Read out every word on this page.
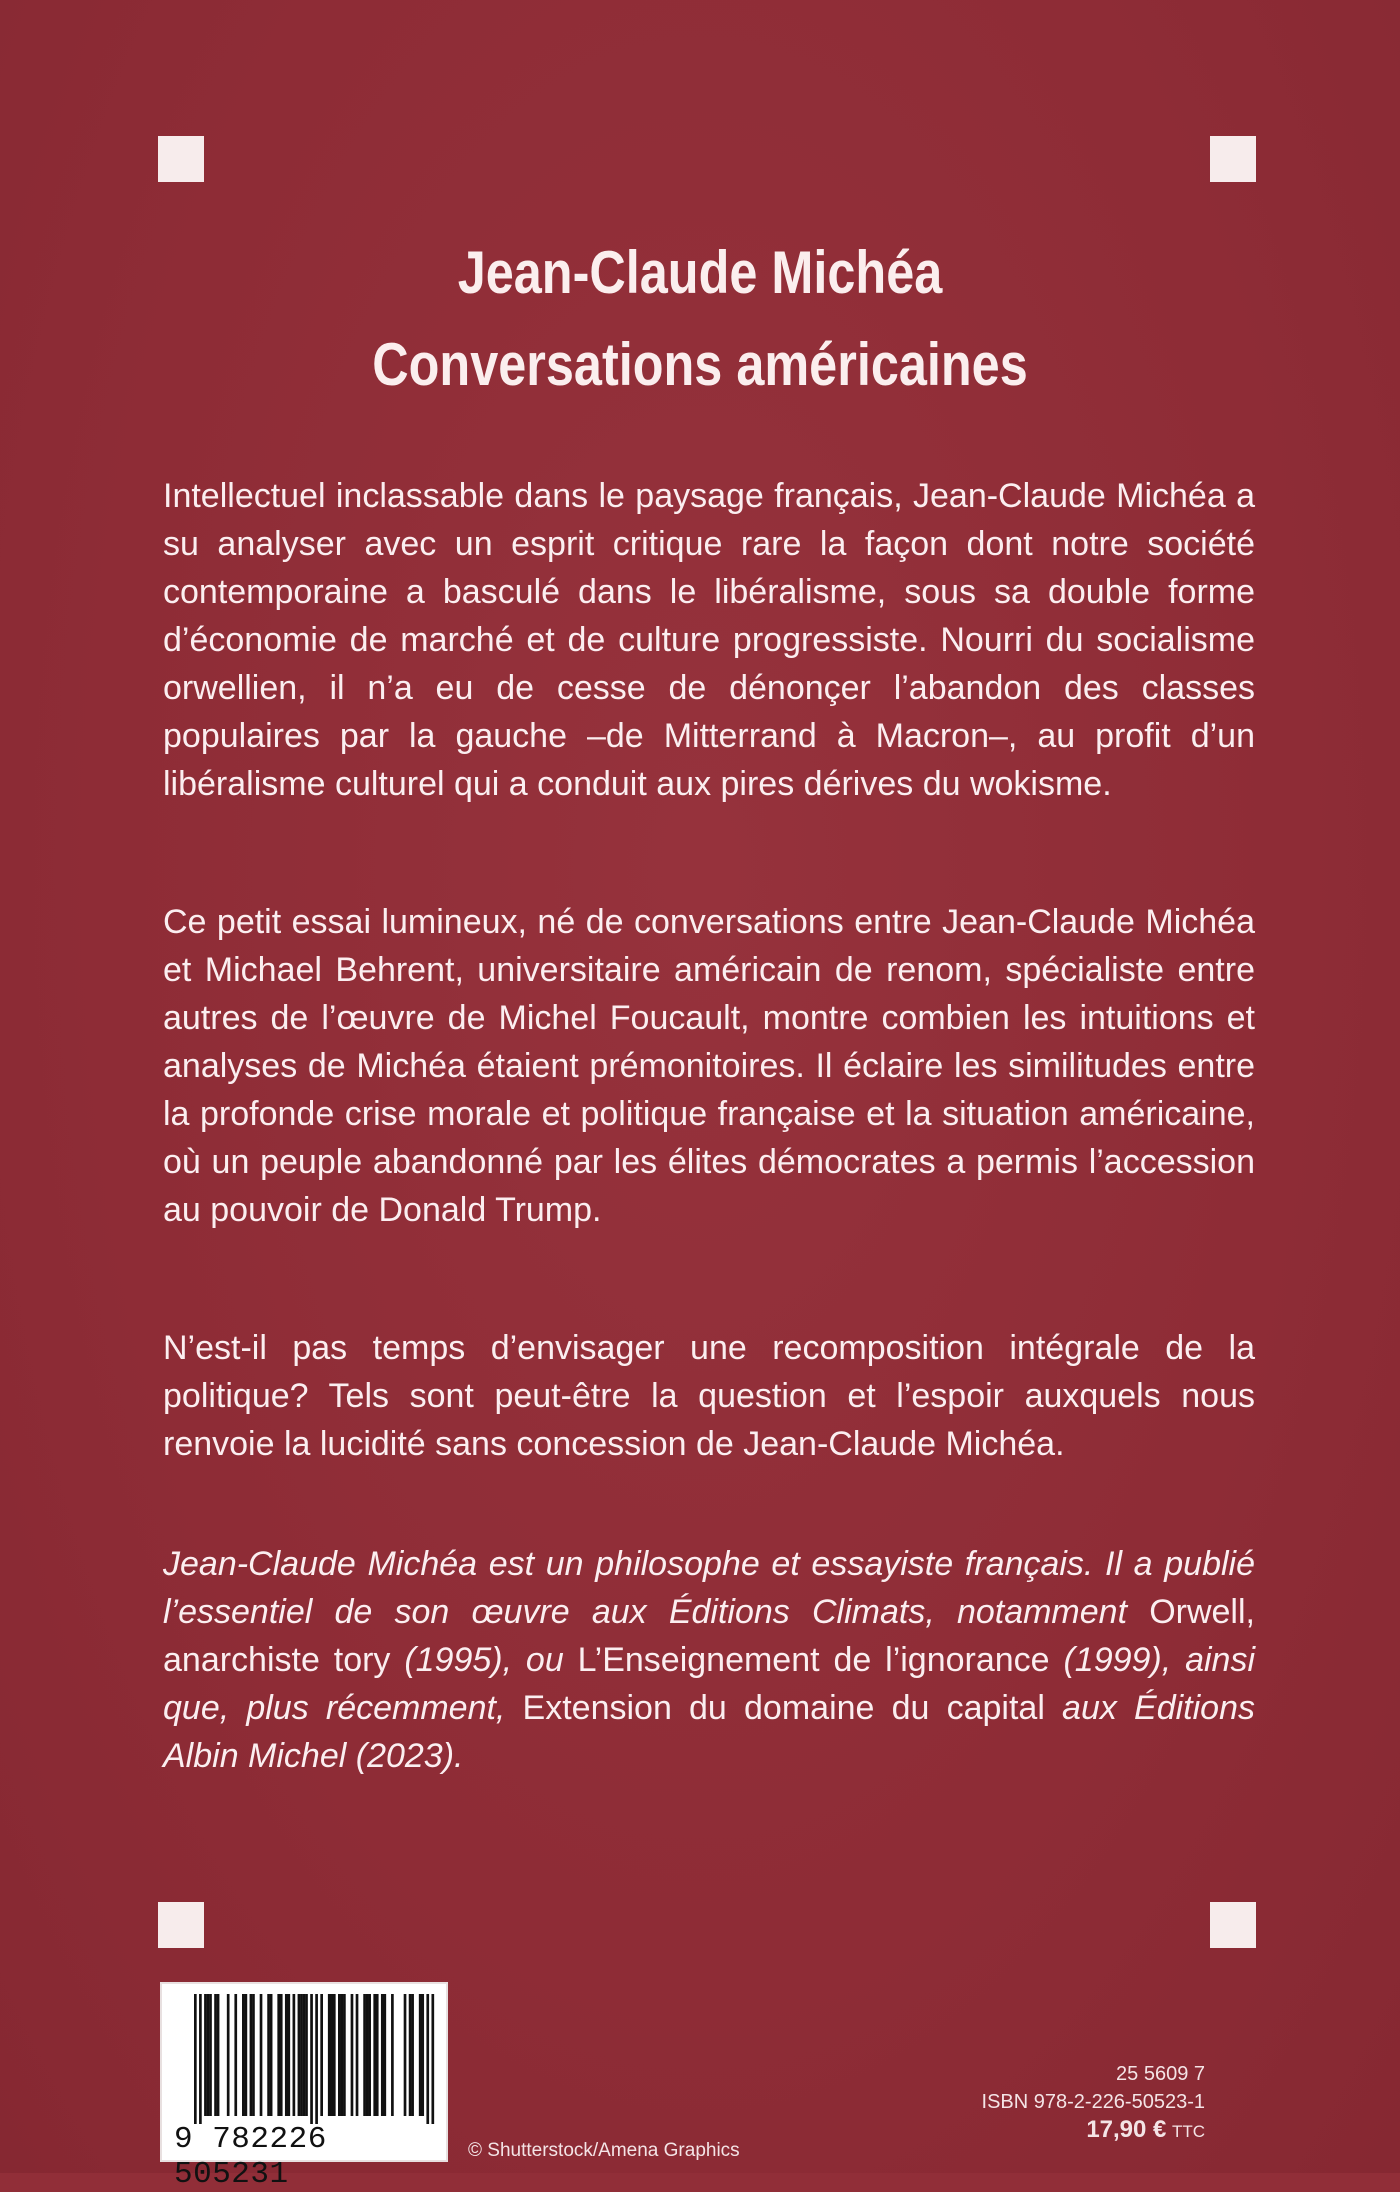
Jean-Claude Michéa
Conversations américaines
Intellectuel inclassable dans le paysage français, Jean-Claude Michéa a su analyser avec un esprit critique rare la façon dont notre société contemporaine a basculé dans le libéralisme, sous sa double forme d’économie de marché et de culture progressiste. Nourri du socialisme orwellien, il n’a eu de cesse de dénonçer l’abandon des classes populaires par la gauche –de Mitterrand à Macron–, au profit d’un libéralisme culturel qui a conduit aux pires dérives du wokisme.
Ce petit essai lumineux, né de conversations entre Jean-Claude Michéa et Michael Behrent, universitaire américain de renom, spécialiste entre autres de l’œuvre de Michel Foucault, montre combien les intuitions et analyses de Michéa étaient prémonitoires. Il éclaire les similitudes entre la profonde crise morale et politique française et la situation américaine, où un peuple abandonné par les élites démocrates a permis l’accession au pouvoir de Donald Trump.
N’est-il pas temps d’envisager une recomposition intégrale de la politique? Tels sont peut-être la question et l’espoir auxquels nous renvoie la lucidité sans concession de Jean-Claude Michéa.
Jean-Claude Michéa est un philosophe et essayiste français. Il a publié l’essentiel de son œuvre aux Éditions Climats, notamment Orwell, anarchiste tory (1995), ou L’Enseignement de l’ignorance (1999), ainsi que, plus récemment, Extension du domaine du capital aux Éditions Albin Michel (2023).
9 782226 505231
© Shutterstock/Amena Graphics
25 5609 7
ISBN 978-2-226-50523-1
17,90 € TTC
